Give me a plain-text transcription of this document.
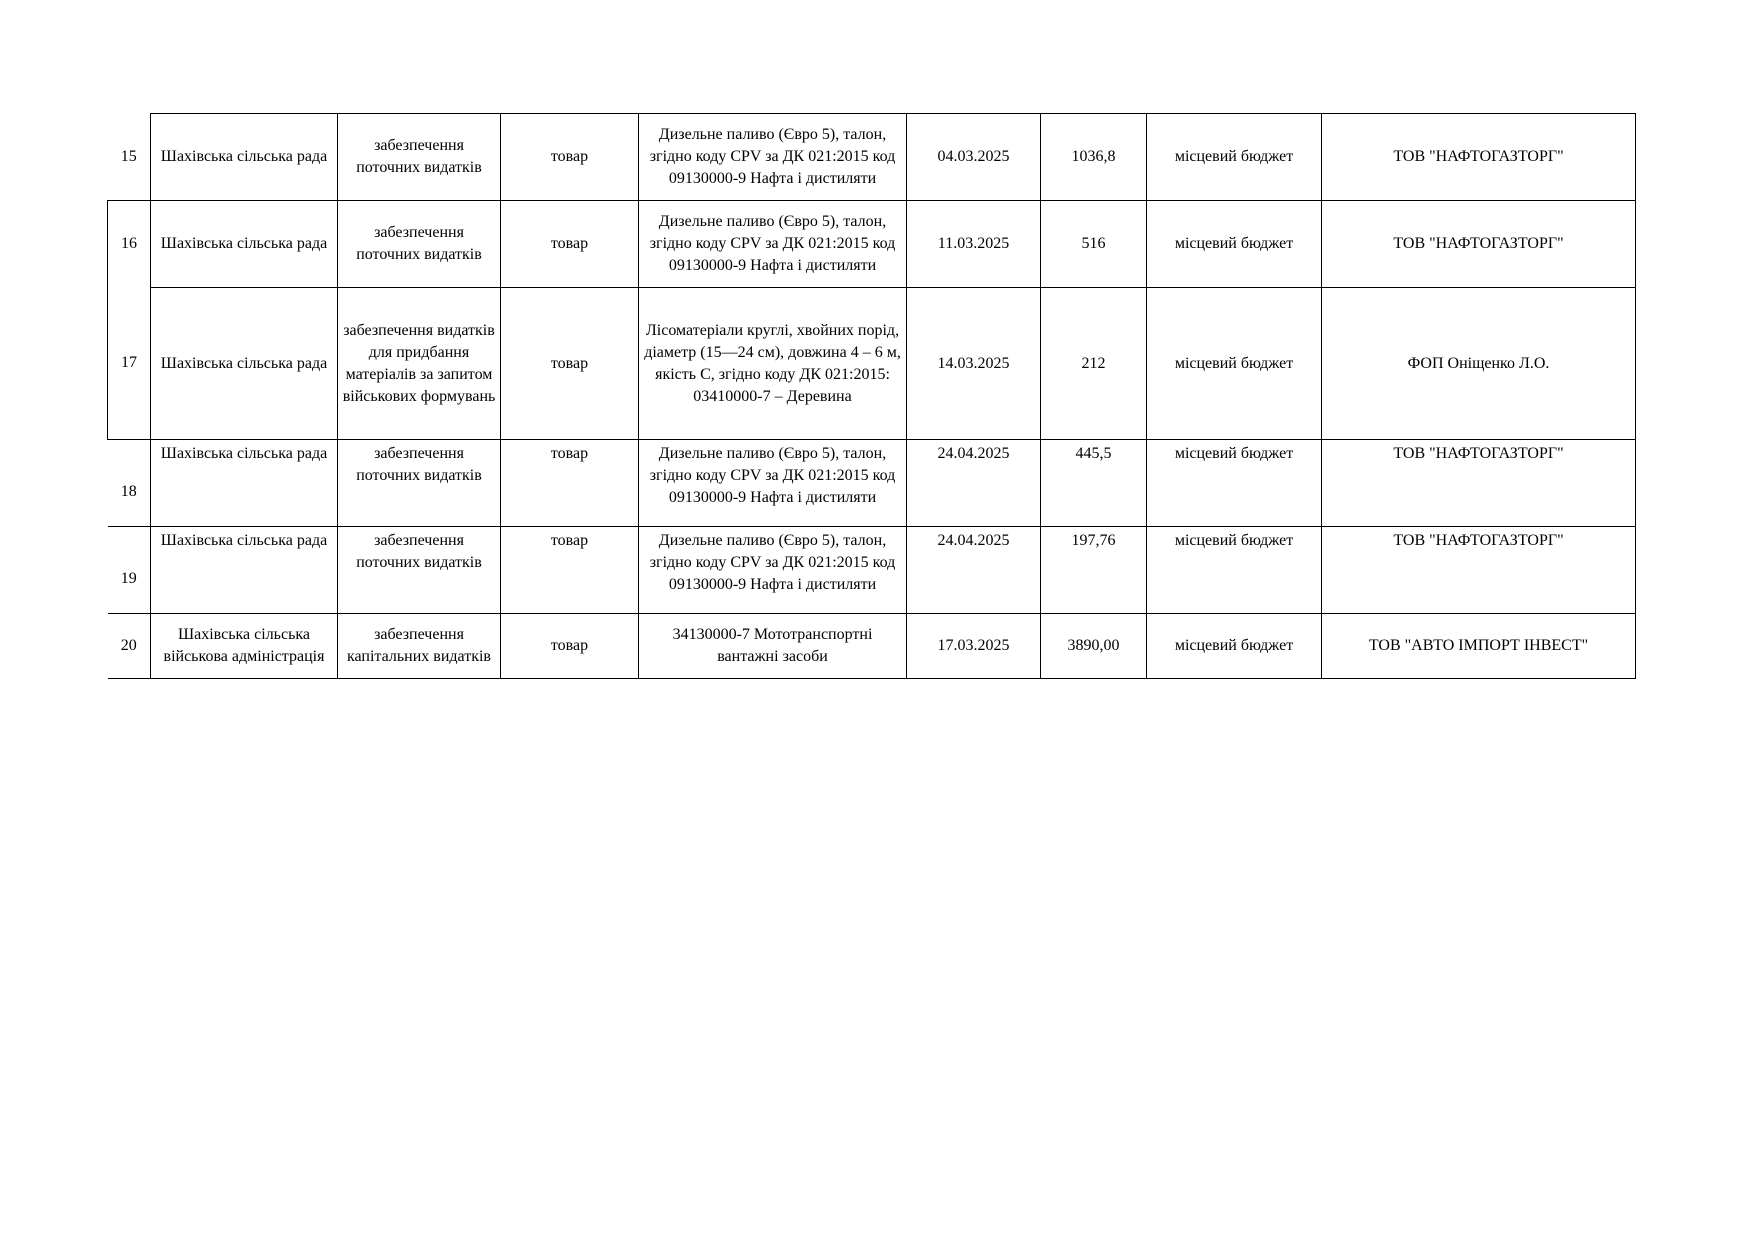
15	Шахівська сільська рада	забезпечення поточних видатків	товар	Дизельне паливо (Євро 5), талон, згідно коду CPV за ДК 021:2015 код 09130000-9 Нафта і дистиляти	04.03.2025	1036,8	місцевий бюджет	ТОВ "НАФТОГАЗТОРГ"
16	Шахівська сільська рада	забезпечення поточних видатків	товар	Дизельне паливо (Євро 5), талон, згідно коду CPV за ДК 021:2015 код 09130000-9 Нафта і дистиляти	11.03.2025	516	місцевий бюджет	ТОВ "НАФТОГАЗТОРГ"
17	Шахівська сільська рада	забезпечення видатків для придбання матеріалів за запитом військових формувань	товар	Лісоматеріали круглі, хвойних порід, діаметр (15—24 см), довжина 4 – 6 м, якість С, згідно коду ДК 021:2015: 03410000-7 – Деревина	14.03.2025	212	місцевий бюджет	ФОП Оніщенко Л.О.
18	Шахівська сільська рада	забезпечення поточних видатків	товар	Дизельне паливо (Євро 5), талон, згідно коду CPV за ДК 021:2015 код 09130000-9 Нафта і дистиляти	24.04.2025	445,5	місцевий бюджет	ТОВ "НАФТОГАЗТОРГ"
19	Шахівська сільська рада	забезпечення поточних видатків	товар	Дизельне паливо (Євро 5), талон, згідно коду CPV за ДК 021:2015 код 09130000-9 Нафта і дистиляти	24.04.2025	197,76	місцевий бюджет	ТОВ "НАФТОГАЗТОРГ"
20	Шахівська сільська військова адміністрація	забезпечення капітальних видатків	товар	34130000-7 Мототранспортні вантажні засоби	17.03.2025	3890,00	місцевий бюджет	ТОВ "АВТО ІМПОРТ ІНВЕСТ"
